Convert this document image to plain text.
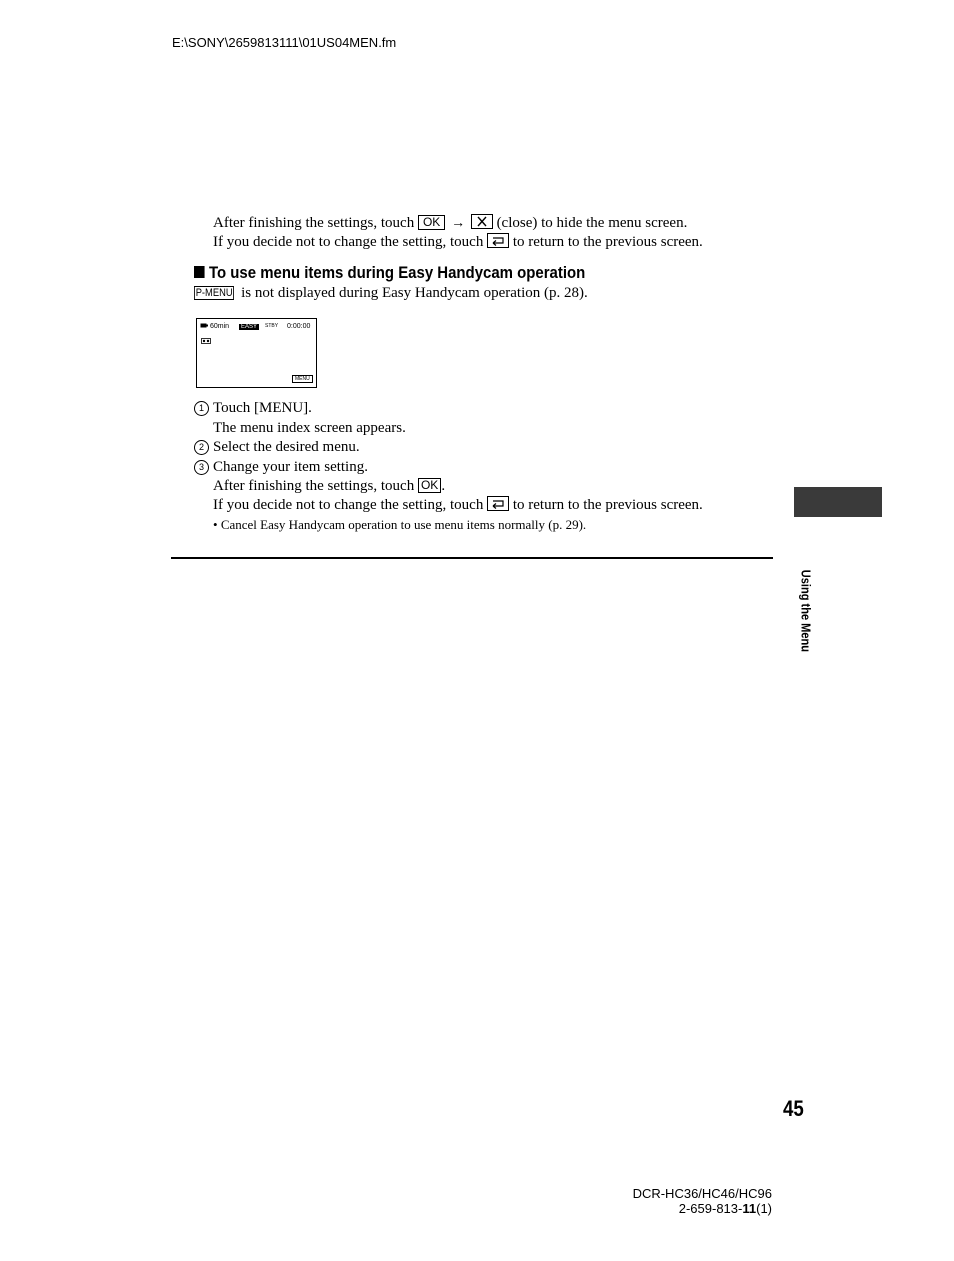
E:\SONY\2659813111\01US04MEN.fm
After finishing the settings, touch OK → (close) to hide the menu screen.
If you decide not to change the setting, touch to return to the previous screen.
To use menu items during Easy Handycam operation
P-MENU is not displayed during Easy Handycam operation (p. 28).
60min	EASY	STBY 0:00:00
MENU
1 Touch [MENU].
The menu index screen appears.
2 Select the desired menu.
3 Change your item setting.
After finishing the settings, touch OK .
If you decide not to change the setting, touch to return to the previous screen.
• Cancel Easy Handycam operation to use menu items normally (p. 29).
Using the Menu
45
DCR-HC36/HC46/HC96
2-659-813-11(1)
